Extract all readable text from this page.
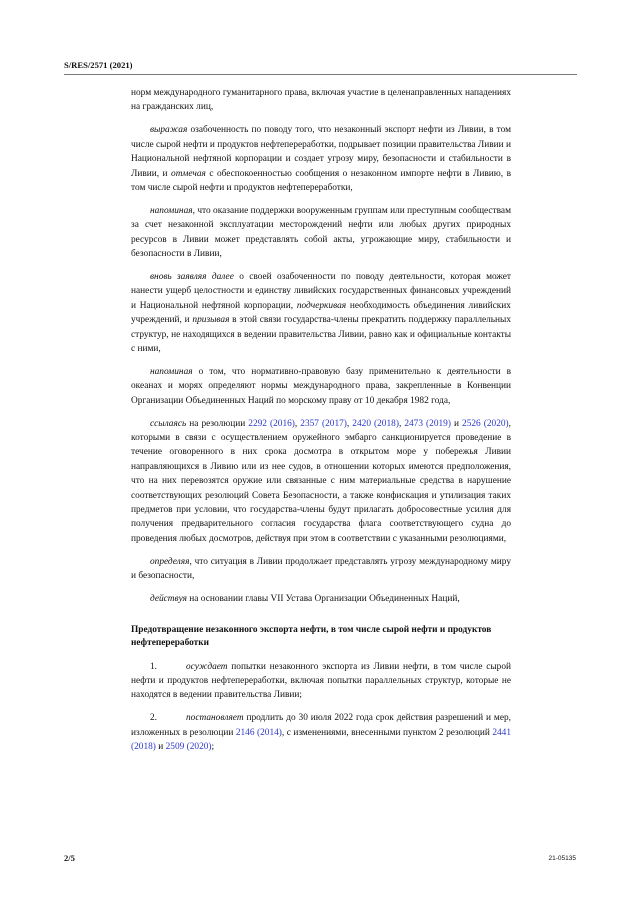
S/RES/2571 (2021)

норм международного гуманитарного права, включая участие в целенаправленных нападениях на гражданских лиц,

выражая озабоченность по поводу того, что незаконный экспорт нефти из Ливии, в том числе сырой нефти и продуктов нефтепереработки, подрывает позиции правительства Ливии и Национальной нефтяной корпорации и создает угрозу миру, безопасности и стабильности в Ливии, и отмечая с обеспокоенностью сообщения о незаконном импорте нефти в Ливию, в том числе сырой нефти и продуктов нефтепереработки,

напоминая, что оказание поддержки вооруженным группам или преступным сообществам за счет незаконной эксплуатации месторождений нефти или любых других природных ресурсов в Ливии может представлять собой акты, угрожающие миру, стабильности и безопасности в Ливии,

вновь заявляя далее о своей озабоченности по поводу деятельности, которая может нанести ущерб целостности и единству ливийских государственных финансовых учреждений и Национальной нефтяной корпорации, подчеркивая необходимость объединения ливийских учреждений, и призывая в этой связи государства-члены прекратить поддержку параллельных структур, не находящихся в ведении правительства Ливии, равно как и официальные контакты с ними,

напоминая о том, что нормативно-правовую базу применительно к деятельности в океанах и морях определяют нормы международного права, закрепленные в Конвенции Организации Объединенных Наций по морскому праву от 10 декабря 1982 года,

ссылаясь на резолюции 2292 (2016), 2357 (2017), 2420 (2018), 2473 (2019) и 2526 (2020), которыми в связи с осуществлением оружейного эмбарго санкционируется проведение в течение оговоренного в них срока досмотра в открытом море у побережья Ливии направляющихся в Ливию или из нее судов, в отношении которых имеются предположения, что на них перевозятся оружие или связанные с ним материальные средства в нарушение соответствующих резолюций Совета Безопасности, а также конфискация и утилизация таких предметов при условии, что государства-члены будут прилагать добросовестные усилия для получения предварительного согласия государства флага соответствующего судна до проведения любых досмотров, действуя при этом в соответствии с указанными резолюциями,

определяя, что ситуация в Ливии продолжает представлять угрозу международному миру и безопасности,

действуя на основании главы VII Устава Организации Объединенных Наций,

Предотвращение незаконного экспорта нефти, в том числе сырой нефти и продуктов нефтепереработки

1.	осуждает попытки незаконного экспорта из Ливии нефти, в том числе сырой нефти и продуктов нефтепереработки, включая попытки параллельных структур, которые не находятся в ведении правительства Ливии;

2.	постановляет продлить до 30 июля 2022 года срок действия разрешений и мер, изложенных в резолюции 2146 (2014), с изменениями, внесенными пунктом 2 резолюций 2441 (2018) и 2509 (2020);

2/5	21-05135
